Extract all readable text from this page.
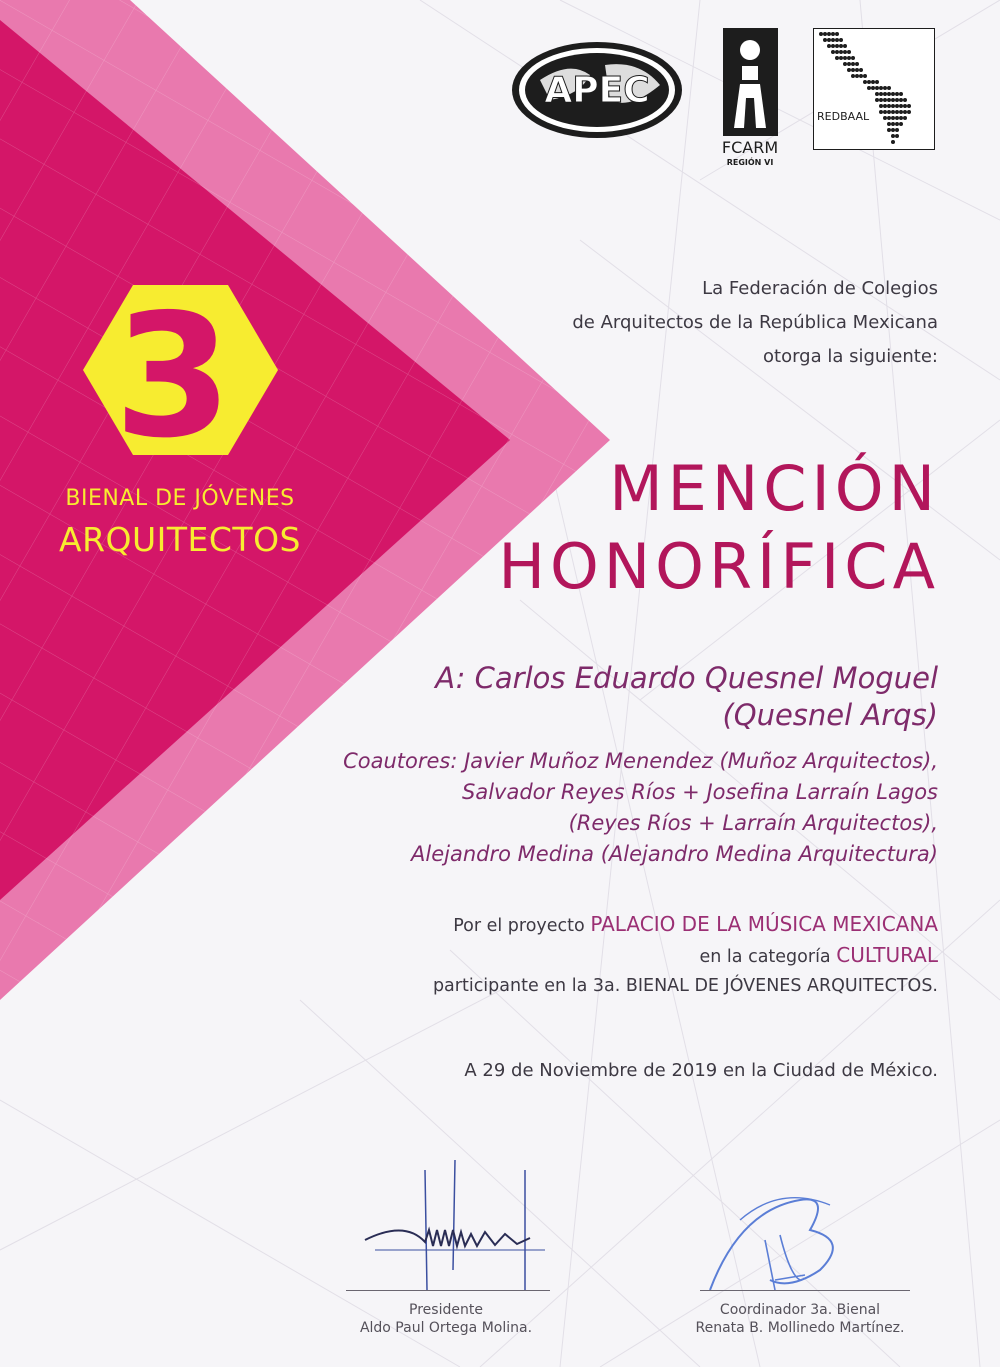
APEC
FCARM
REGIÓN VI
REDBAAL
3 a
BIENAL DE JÓVENES
ARQUITECTOS
La Federación de Colegios
de Arquitectos de la República Mexicana
otorga la siguiente:
MENCIÓN
HONORÍFICA
A: Carlos Eduardo Quesnel Moguel
(Quesnel Arqs)
Coautores: Javier Muñoz Menendez (Muñoz Arquitectos),
Salvador Reyes Ríos + Josefina Larraín Lagos
(Reyes Ríos + Larraín Arquitectos),
Alejandro Medina (Alejandro Medina Arquitectura)
Por el proyecto PALACIO DE LA MÚSICA MEXICANA
en la categoría CULTURAL
participante en la 3a. BIENAL DE JÓVENES ARQUITECTOS.
A 29 de Noviembre de 2019 en la Ciudad de México.
Presidente
Aldo Paul Ortega Molina.
Coordinador 3a. Bienal
Renata B. Mollinedo Martínez.
